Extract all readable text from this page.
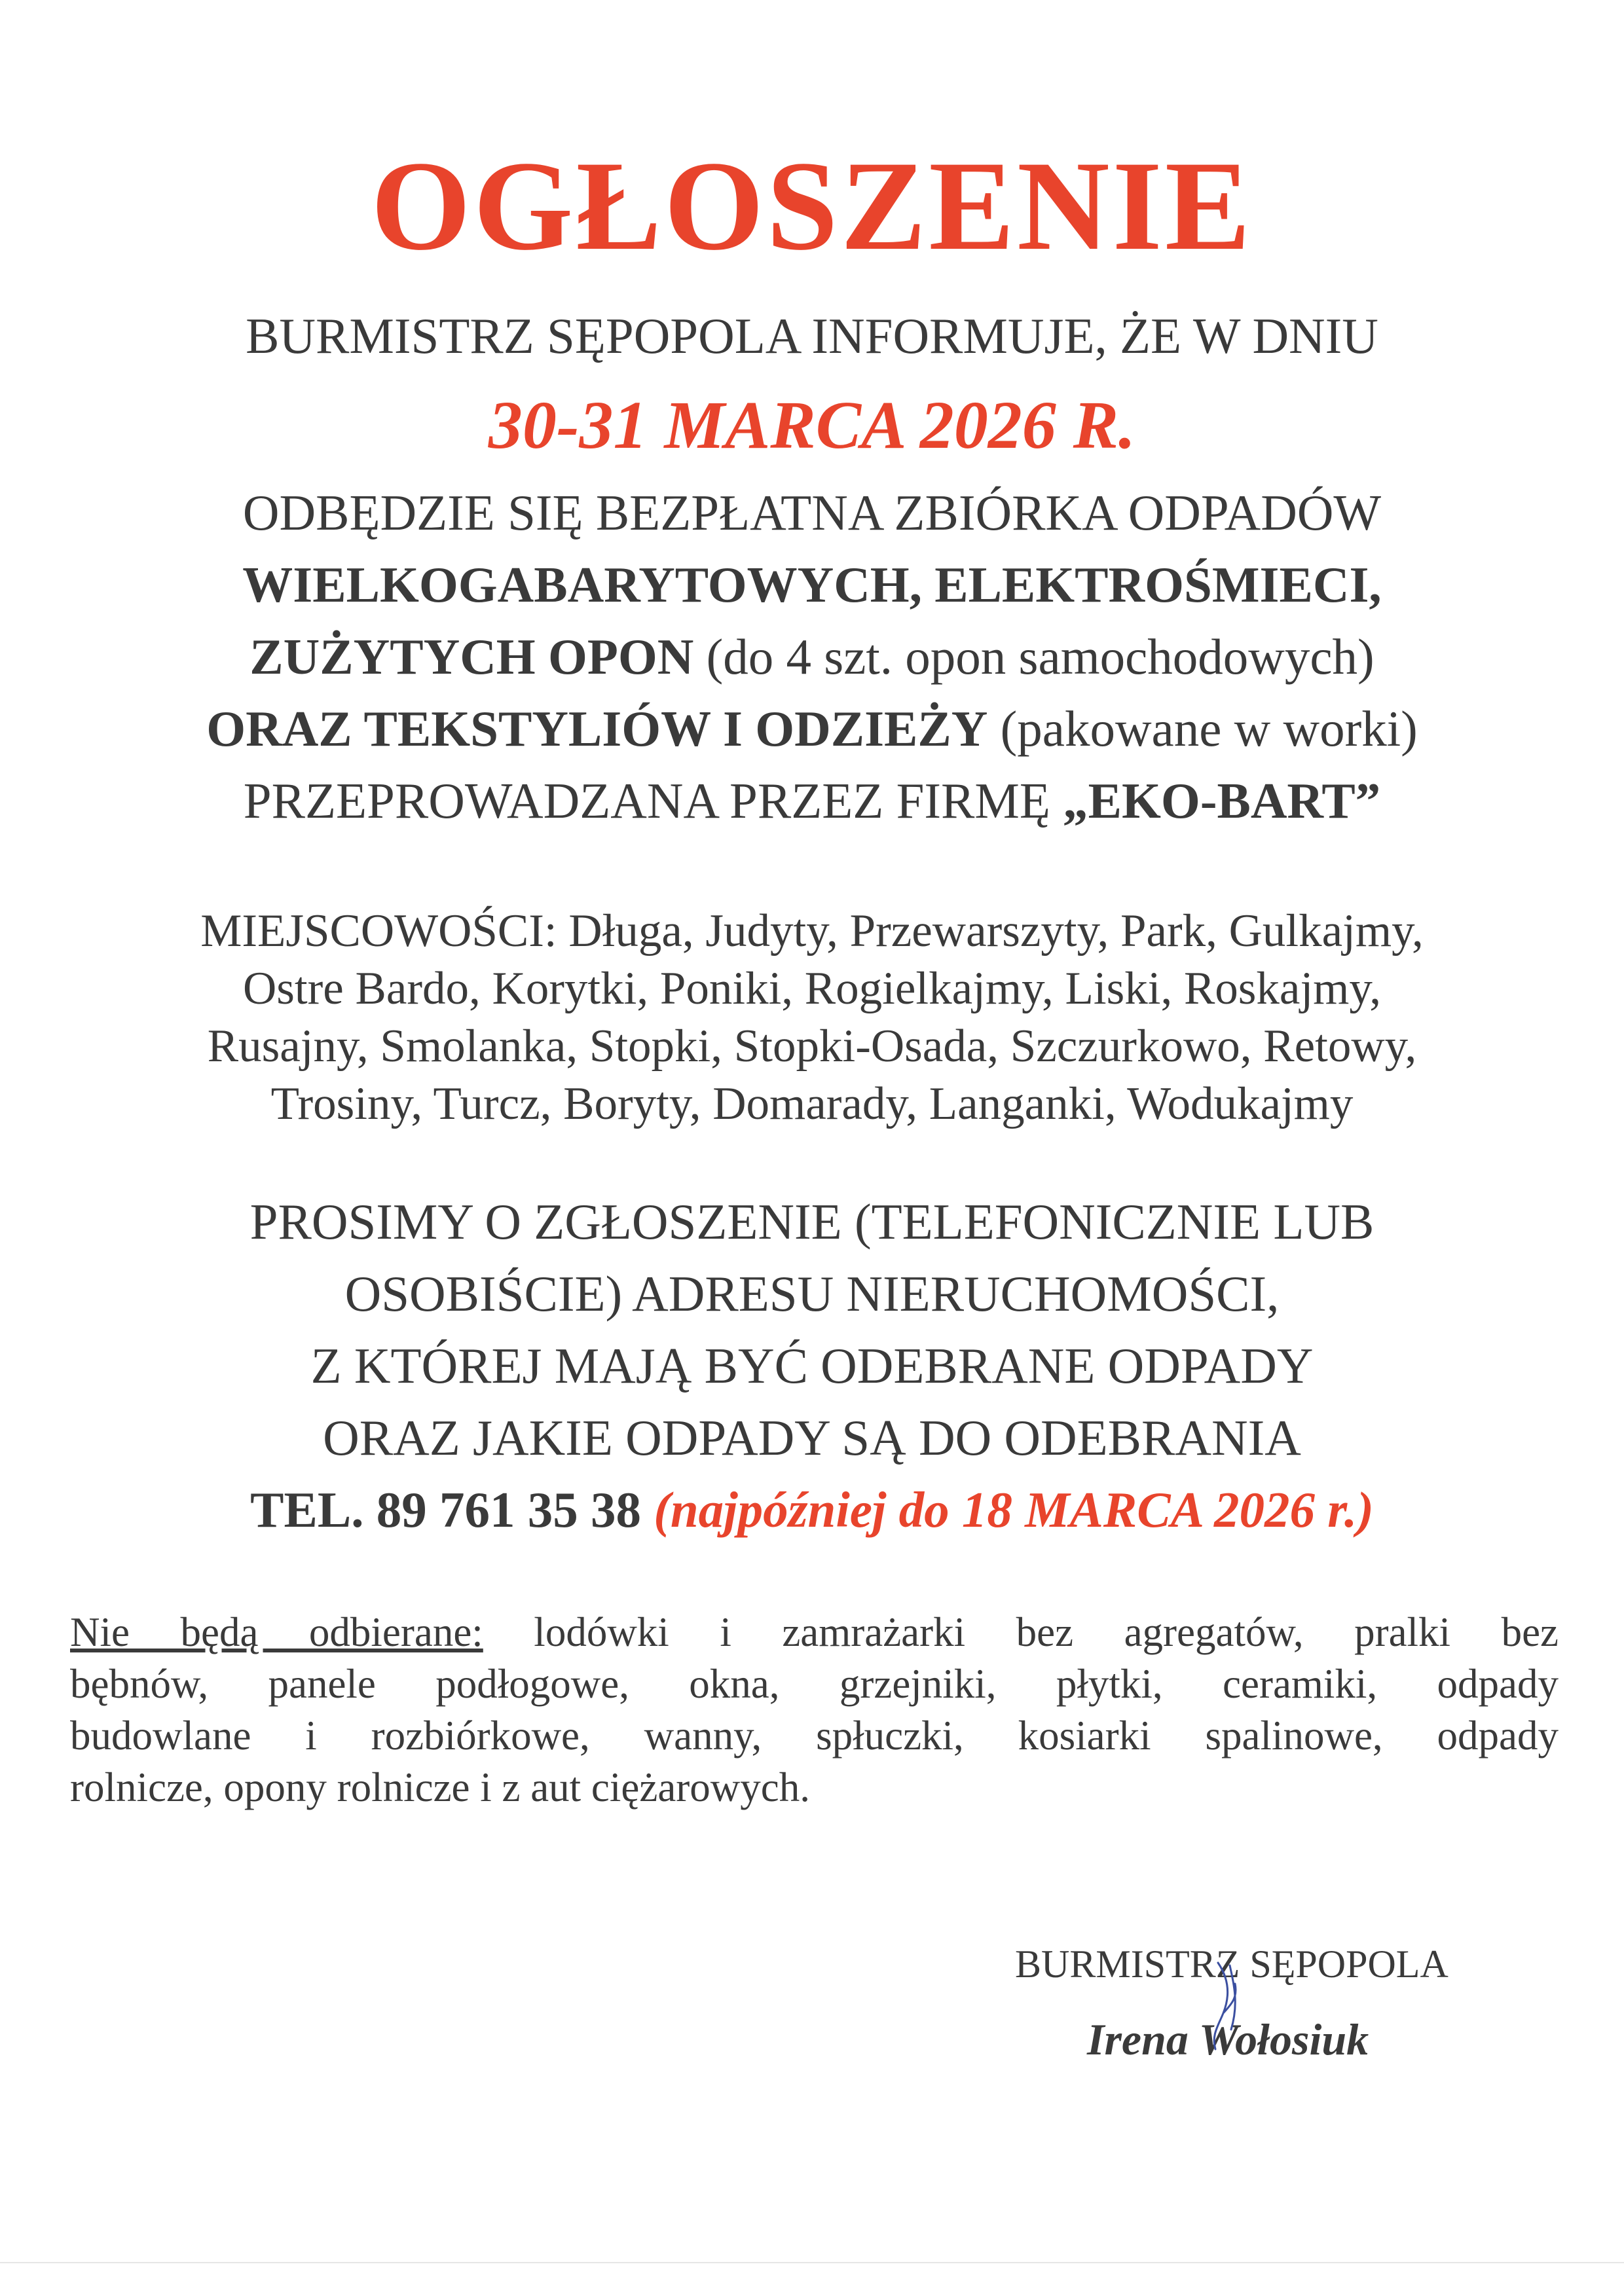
OGŁOSZENIE
BURMISTRZ SĘPOPOLA INFORMUJE, ŻE W DNIU
30-31 MARCA 2026 R.
ODBĘDZIE SIĘ BEZPŁATNA ZBIÓRKA ODPADÓW
WIELKOGABARYTOWYCH, ELEKTROŚMIECI,
ZUŻYTYCH OPON (do 4 szt. opon samochodowych)
ORAZ TEKSTYLIÓW I ODZIEŻY (pakowane w worki)
PRZEPROWADZANA PRZEZ FIRMĘ „EKO-BART”
MIEJSCOWOŚCI: Długa, Judyty, Przewarszyty, Park, Gulkajmy,
Ostre Bardo, Korytki, Poniki, Rogielkajmy, Liski, Roskajmy,
Rusajny, Smolanka, Stopki, Stopki-Osada, Szczurkowo, Retowy,
Trosiny, Turcz, Boryty, Domarady, Langanki, Wodukajmy
PROSIMY O ZGŁOSZENIE (TELEFONICZNIE LUB
OSOBIŚCIE) ADRESU NIERUCHOMOŚCI,
Z KTÓREJ MAJĄ BYĆ ODEBRANE ODPADY
ORAZ JAKIE ODPADY SĄ DO ODEBRANIA
TEL. 89 761 35 38 (najpóźniej do 18 MARCA 2026 r.)
Nie będą odbierane: lodówki i zamrażarki bez agregatów, pralki bez
bębnów, panele podłogowe, okna, grzejniki, płytki, ceramiki, odpady
budowlane i rozbiórkowe, wanny, spłuczki, kosiarki spalinowe, odpady
rolnicze, opony rolnicze i z aut ciężarowych.
BURMISTRZ SĘPOPOLA
Irena Wołosiuk
